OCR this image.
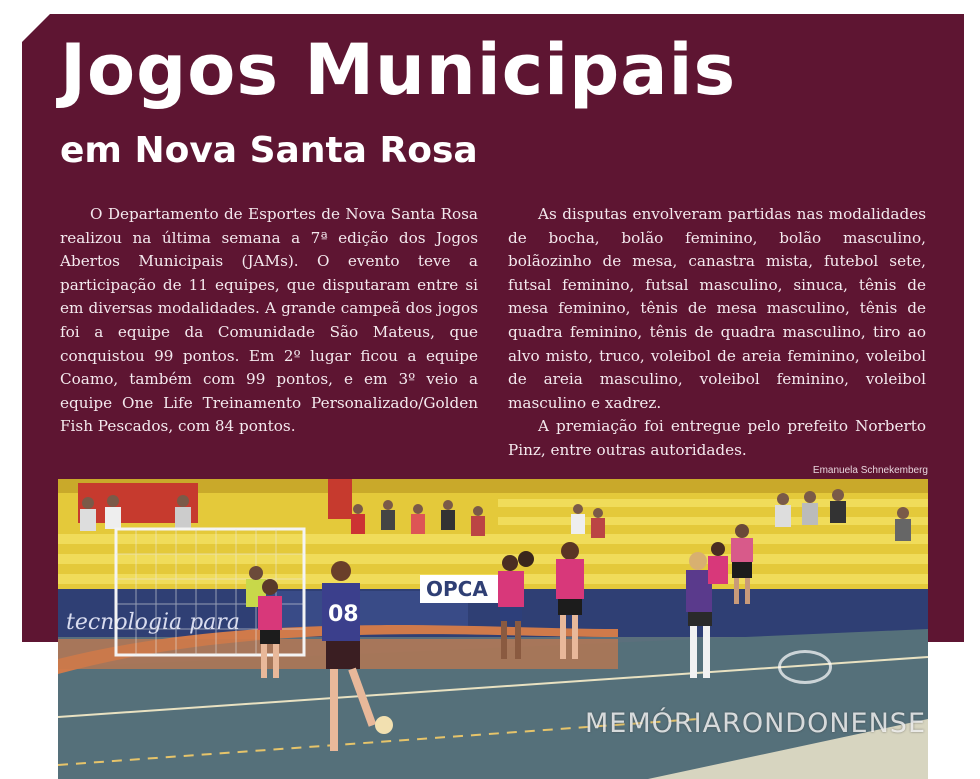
Jogos Municipais
em Nova Santa Rosa

O Departamento de Esportes de Nova Santa Rosa realizou na última semana a 7ª edição dos Jogos Abertos Municipais (JAMs). O evento teve a participação de 11 equipes, que disputaram entre si em diversas modalidades. A grande campeã dos jogos foi a equipe da Comunidade São Mateus, que conquistou 99 pontos. Em 2º lugar ficou a equipe Coamo, também com 99 pontos, e em 3º veio a equipe One Life Treinamento Personalizado/Golden Fish Pescados, com 84 pontos.

As disputas envolveram partidas nas modalidades de bocha, bolão feminino, bolão masculino, bolãozinho de mesa, canastra mista, futebol sete, futsal feminino, futsal masculino, sinuca, tênis de mesa feminino, tênis de mesa masculino, tênis de quadra feminino, tênis de quadra masculino, tiro ao alvo misto, truco, voleibol de areia feminino, voleibol de areia masculino, voleibol feminino, voleibol masculino e xadrez.

A premiação foi entregue pelo prefeito Norberto Pinz, entre outras autoridades.

Emanuela Schnekemberg
tecnologia para
OPCA
08
MEMÓRIARONDONENSE
